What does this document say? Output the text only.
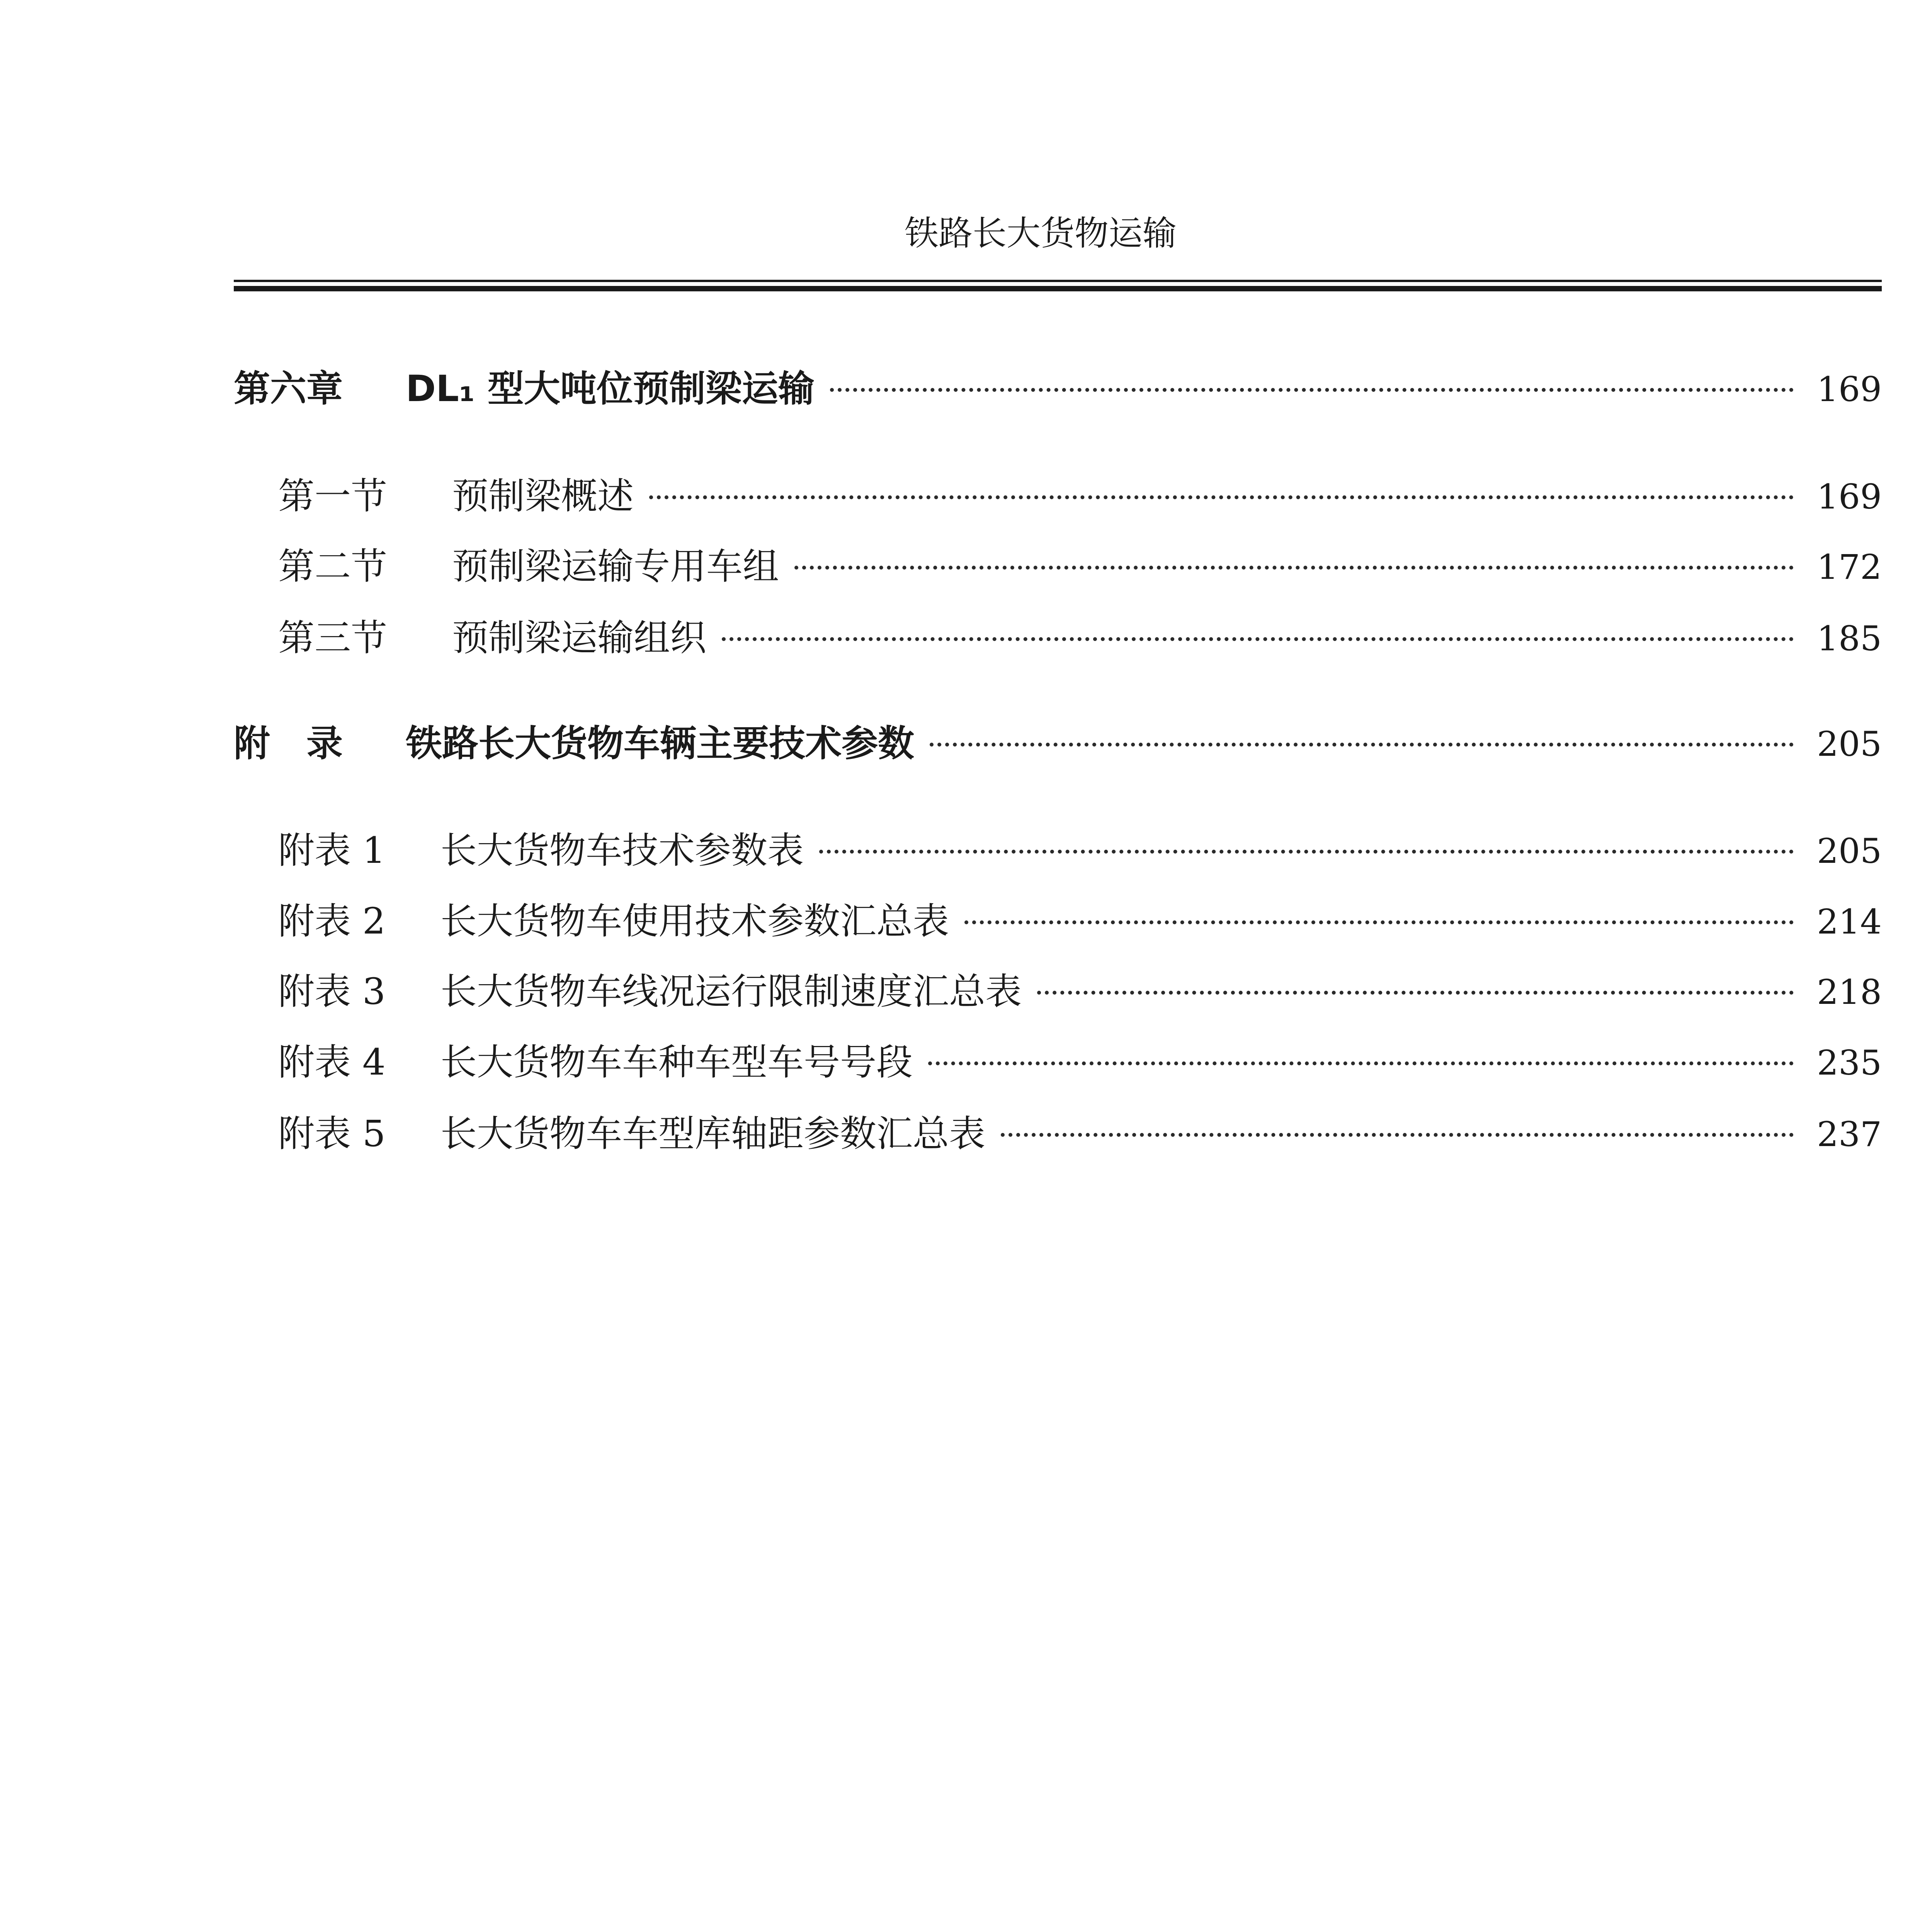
铁路长大货物运输
第六章	DL₁ 型大吨位预制梁运输	169
第一节	预制梁概述	169
第二节	预制梁运输专用车组	172
第三节	预制梁运输组织	185
附　录	铁路长大货物车辆主要技术参数	205
附表 1	长大货物车技术参数表	205
附表 2	长大货物车使用技术参数汇总表	214
附表 3	长大货物车线况运行限制速度汇总表	218
附表 4	长大货物车车种车型车号号段	235
附表 5	长大货物车车型库轴距参数汇总表	237
